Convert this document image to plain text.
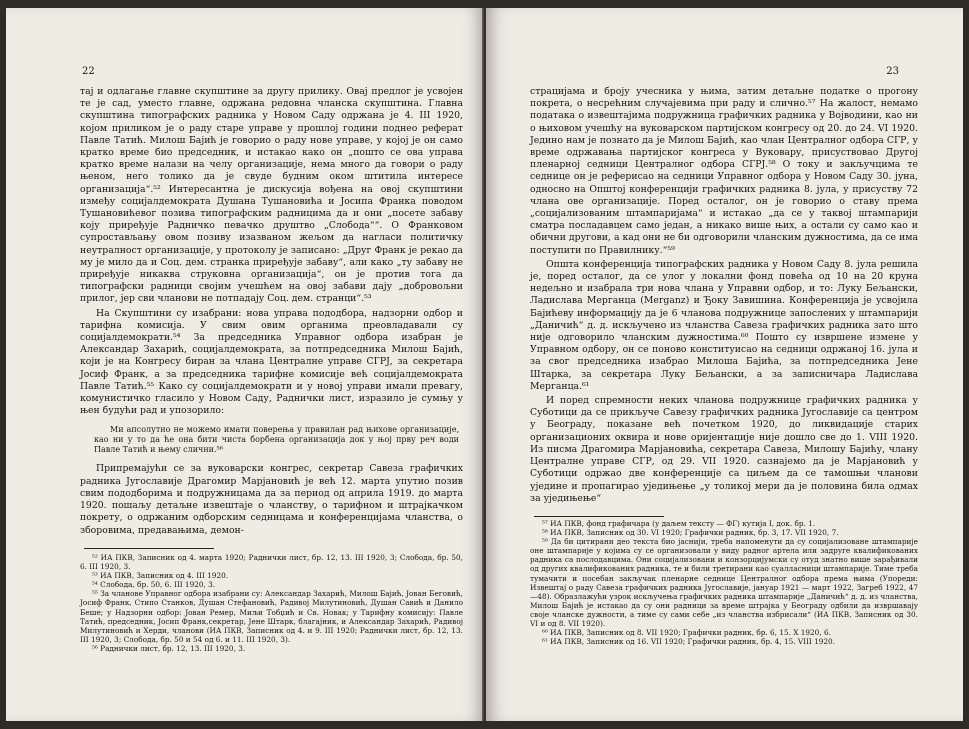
22

тај и одлагање главне скупштине за другу прилику. Овај предлог је усвојен те је сад, уместо главне, одржана редовна чланска скупштина. Главна скупштина типографских радника у Новом Саду одржана је 4. III 1920, којом приликом је о раду старе управе у прошлој години поднео реферат Павле Татић. Милош Бајић је говорио о раду нове управе, у којој је он само кратко време био председник, и истакао како он „пошто се ова управа кратко време налази на челу организације, нема много да говори о раду њеном, него толико да је свуде будним оком штитила интересе организација“.⁵² Интересантна је дискусија вођена на овој скупштини између социјалдемократа Душана Тушановића и Јосипа Франка поводом Тушановићевог позива типографским радницима да и они „посете забаву коју приређује Радничко певачко друштво „Слобода““. О Франковом супростављању овом позиву изазваном жељом да нагласи политичку неутралност организације, у протоколу је записано: „Друг Франк је рекао да му је мило да и Соц. дем. странка приређује забаву“, али како „ту забаву не приређује никаква струковна организација“, он је против тога да типографски радници својим учешћем на овој забави дају „добровољни прилог, јер сви чланови не потпадају Соц. дем. странци“.⁵³

На Скупштини су изабрани: нова управа пододбора, надзорни одбор и тарифна комисија. У свим овим органима преовладавали су социјалдемократи.⁵⁴ За председника Управног одбора изабран је Александар Захарић, социјалдемократа, за потпредседника Милош Бајић, који је на Конгресу биран за члана Централне управе СГРЈ, за секретара Јосиф Франк, а за председника тарифне комисије већ социјалдемократа Павле Татић.⁵⁵ Како су социјалдемократи и у новој управи имали превагу, комунистичко гласило у Новом Саду, Раднички лист, изразило је сумњу у њен будући рад и упозорило:

Ми апсолутно не можемо имати поверења у правилан рад њихове организације, као ни у то да ће она бити чиста борбена организација док у њој прву реч води Павле Татић и њему слични.⁵⁶

Припремајући се за вуковарски конгрес, секретар Савеза графичких радника Југославије Драгомир Марјановић је већ 12. марта упутио позив свим пододборима и подружницама да за период од априла 1919. до марта 1920. пошаљу детаљне извештаје о чланству, о тарифном и штрајкачком покрету, о одржаним одборским седницама и конференцијама чланства, о зборовима, предавањима, демон-

⁵² ИА ПКВ, Записник од 4. марта 1920; Раднички лист, бр. 12, 13. III 1920, 3; Слобода, бр. 50, 6. III 1920, 3.
⁵³ ИА ПКВ, Записник од 4. III 1920.
⁵⁴ Слобода, бр. 50, 6. III 1920, 3.
⁵⁵ За чланове Управног одбора изабрани су: Александар Захарић, Милош Бајић, Јован Беговић, Јосиф Франк, Стипо Станков, Душан Стефановић, Радивој Милутиновић, Душан Савић и Данило Беше; у Надзорни одбор: Јован Ремер, Миљи Тобџић и Св. Новак; у Тарифну комисију: Павле Татић, председник, Јосип Франк,секретар, Јене Штарк, благајник, и Александар Захарић, Радивој Милутиновић и Херди, чланови (ИА ПКВ, Записник од 4. и 9. III 1920; Раднички лист, бр. 12, 13. III 1920, 3; Слобода, бр. 50 и 54 од 6. и 11. III 1920, 3).
⁵⁶ Раднички лист, бр. 12, 13. III 1920, 3.
23

страцијама и броју учесника у њима, затим детаљне податке о прогону покрета, о несрећним случајевима при раду и слично.⁵⁷ На жалост, немамо података о извештајима подружница графичких радника у Војводини, као ни о њиховом учешћу на вуковарском партијском конгресу од 20. до 24. VI 1920. Једино нам је познато да је Милош Бајић, као члан Централног одбора СГР, у време одржавања партијског конгреса у Вуковару, присуствовао Другој пленарној седници Централног одбора СГРЈ.⁵⁸ О току и закључцима те седнице он је реферисао на седници Управног одбора у Новом Саду 30. јуна, односно на Општој конференцији графичких радника 8. јула, у присуству 72 члана ове организације. Поред осталог, он је говорио о ставу према „социјализованим штампаријама“ и истакао „да се у таквој штампарији сматра посладавцем само један, а никако више њих, а остали су само као и обични другови, а кад они не би одговорили чланским дужностима, да се има поступити по Правилнику.“⁵⁹

Општа конференција типографских радника у Новом Саду 8. јула решила је, поред осталог, да се улог у локални фонд повећа од 10 на 20 круна недељно и изабрала три нова члана у Управни одбор, и то: Луку Бељански, Ладислава Мерганца (Merganz) и Ђоку Завишина. Конференција је усвојила Бајићеву информацију да је 6 чланова подружнице запослених у штампарији „Даничић“ д. д. искључено из чланства Савеза графичких радника зато што није одговорило чланским дужностима.⁶⁰ Пошто су извршене измене у Управном одбору, он се поново конституисао на седници одржаној 16. јула и за свог председника изабрао Милоша Бајића, за потпредседника Јене Штарка, за секретара Луку Бељански, а за записничара Ладислава Мерганца.⁶¹

И поред спремности неких чланова подружнице графичких радника у Суботици да се прикључе Савезу графичких радника Југославије са центром у Београду, показане већ почетком 1920, до ликвидације старих организационих оквира и нове оријентације није дошло све до 1. VIII 1920. Из писма Драгомира Марјановића, секретара Савеза, Милошу Бајићу, члану Централне управе СГР, од 29. VII 1920. сазнајемо да је Марјановић у Суботици одржао две конференције са циљем да се тамошњи чланови уједине и пропагирао уједињење „у толикој мери да је половина била одмах за уједињење“

⁵⁷ ИА ПКВ, фонд графичара (у даљем тексту — ФГ) кутија I, док. бр. 1.
⁵⁸ ИА ПКВ, Записник од 30. VI 1920; Графички радник, бр. 3, 17. VII 1920, 7.
⁵⁹ Да би цитирани део текста био јаснији, треба напоменути да су социјализоване штампарије оне штампарије у којима су се организовали у виду радног артела или задруге квалификованих радника са послодавцима. Они социјализовани и конзорцијумски су отуд знатно више зарађивали од других квалификованих радника, те и били третирани као суалласници штампарије. Тиме треба тумачити и посебан закључак пленарне седнице Централног одбора према њима (Упореди: Извештај о раду Савеза графичких радника Југославије, јануар 1921 — март 1922, Загреб 1922, 47—48). Образлажући узрок искључења графичких радника штампарије „Даничић“ д. д. из чланства, Милош Бајић је истакао да су они радници за време штрајка у Београду одбили да извршавају своје чланске дужности, а тиме су сами себе „из чланства избрисали“ (ИА ПКВ, Записник од 30. VI и од 8. VII 1920).
⁶⁰ ИА ПКВ, Записник од 8. VII 1920; Графички радник, бр. 6, 15. X 1920, 6.
⁶¹ ИА ПКВ, Записник од 16. VII 1920; Графички радник, бр. 4, 15. VIII 1920.
